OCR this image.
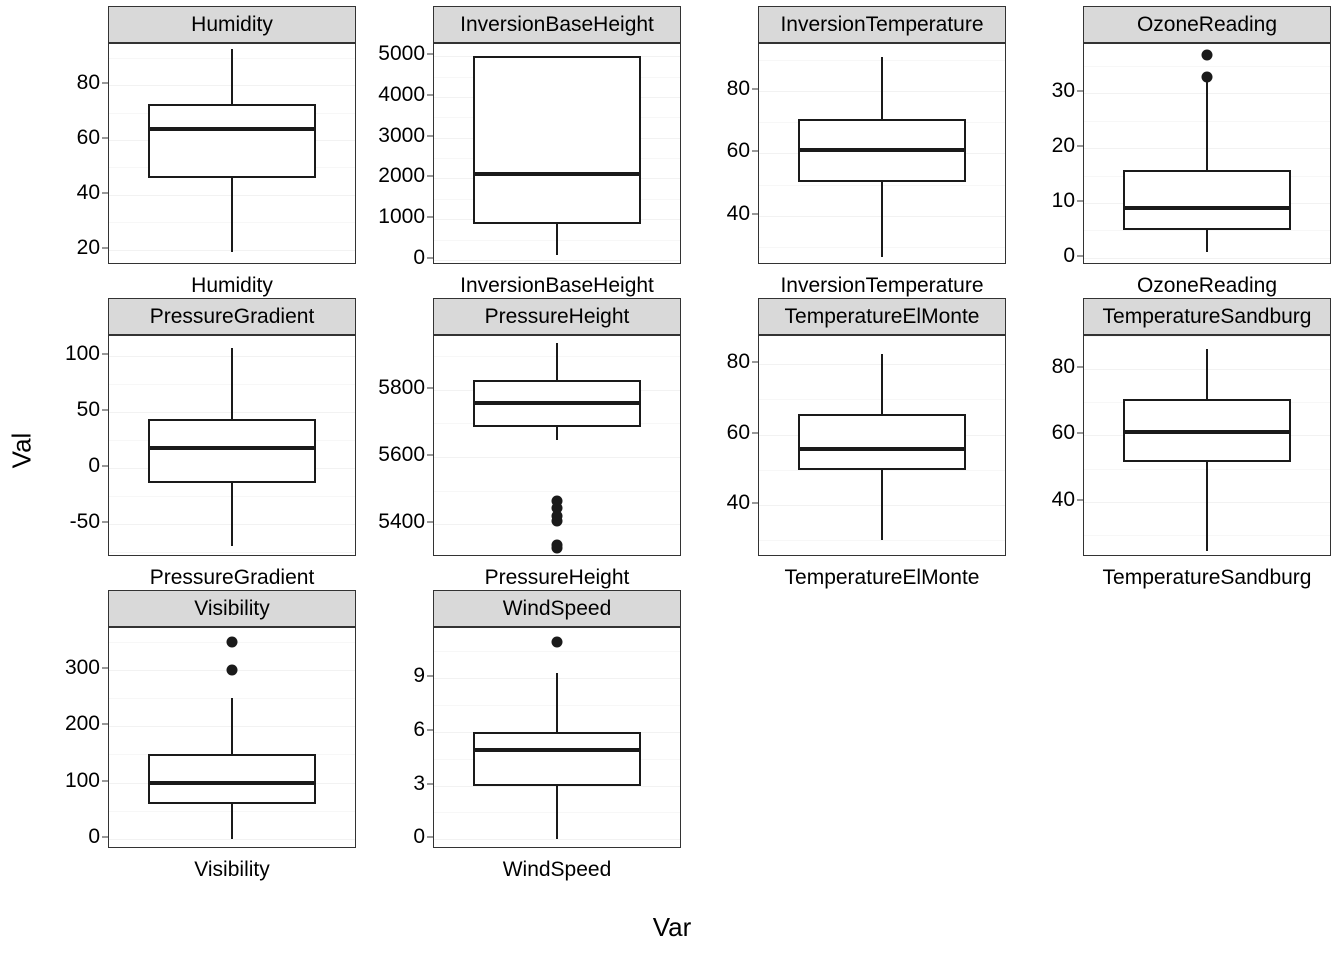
Val
20
40
60
80
Humidity
Humidity
0
1000
2000
3000
4000
5000
InversionBaseHeight
InversionBaseHeight
40
60
80
InversionTemperature
InversionTemperature
0
10
20
30
OzoneReading
OzoneReading
-50
0
50
100
PressureGradient
PressureGradient
5400
5600
5800
PressureHeight
PressureHeight
40
60
80
TemperatureElMonte
TemperatureElMonte
40
60
80
TemperatureSandburg
TemperatureSandburg
0
100
200
300
Visibility
Visibility
0
3
6
9
WindSpeed
WindSpeed
Var
